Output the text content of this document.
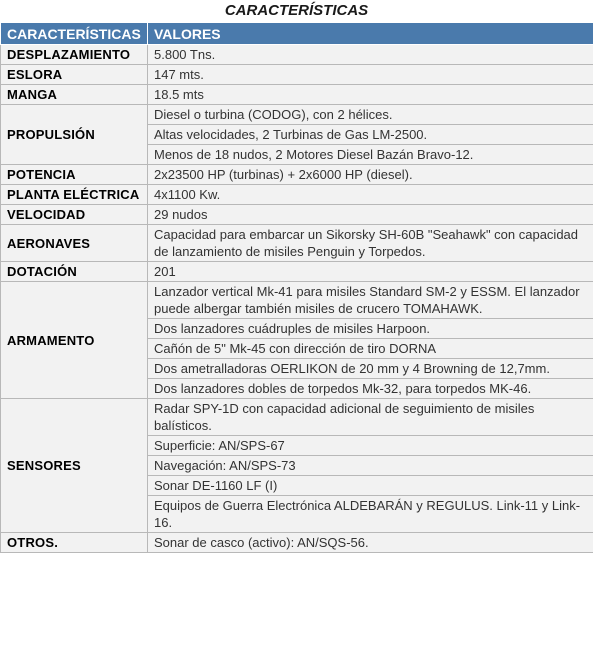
CARACTERÍSTICAS
CARACTERÍSTICAS	VALORES
DESPLAZAMIENTO	5.800 Tns.
ESLORA	147 mts.
MANGA	18.5 mts
PROPULSIÓN	Diesel o turbina (CODOG), con 2 hélices.
	Altas velocidades, 2 Turbinas de Gas LM-2500.
	Menos de 18 nudos, 2 Motores Diesel Bazán Bravo-12.
POTENCIA	2x23500 HP (turbinas) + 2x6000 HP (diesel).
PLANTA ELÉCTRICA	4x1100 Kw.
VELOCIDAD	29 nudos
AERONAVES	Capacidad para embarcar un Sikorsky SH-60B "Seahawk" con capacidad de lanzamiento de misiles Penguin y Torpedos.
DOTACIÓN	201
ARMAMENTO	Lanzador vertical Mk-41 para misiles Standard SM-2 y ESSM. El lanzador puede albergar también misiles de crucero TOMAHAWK.
	Dos lanzadores cuádruples de misiles Harpoon.
	Cañón de 5" Mk-45 con dirección de tiro DORNA
	Dos ametralladoras OERLIKON de 20 mm y 4 Browning de 12,7mm.
	Dos lanzadores dobles de torpedos Mk-32, para torpedos MK-46.
SENSORES	Radar SPY-1D con capacidad adicional de seguimiento de misiles balísticos.
	Superficie: AN/SPS-67
	Navegación: AN/SPS-73
	Sonar DE-1160 LF (I)
	Equipos de Guerra Electrónica ALDEBARÁN y REGULUS. Link-11 y Link-16.
OTROS.	Sonar de casco (activo): AN/SQS-56.
